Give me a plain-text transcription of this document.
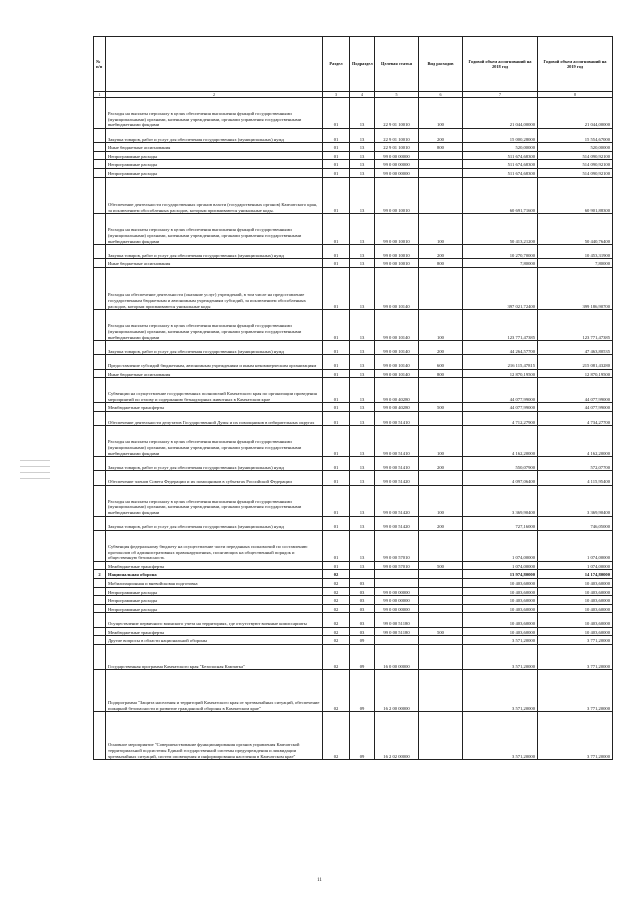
№ п/п		Раздел	Подраздел	Целевая статья	Вид расходов	Годовой объем ассигнований на 2018 год	Годовой объем ассигнований на 2019 год
1	2	3	4	5	6	7	8
	Расходы на выплаты персоналу в целях обеспечения выполнения функций государственными (муниципальными) органами, казенными учреждениями, органами управления государственными внебюджетными фондами	01	13	22 9 01 10010	100	21 044,00000	21 044,00000
	Закупка товаров, работ и услуг для обеспечения государственных (муниципальных) нужд	01	13	22 9 01 10010	200	15 000,28000	15 554,67000
	Иные бюджетные ассигнования	01	13	22 9 01 10010	800	520,00000	520,00000
	Непрограммные расходы	01	13	99 0 00 00000		511 674,68300	514 090,92100
	Непрограммные расходы	01	13	99 0 00 00000		511 674,68300	514 090,92100
	Непрограммные расходы	01	13	99 0 00 00000		511 674,68300	514 090,92100
	Обеспечение деятельности государственных органов власти (государственных органов) Камчатского края, за исключением обособленных расходов, которым присваиваются уникальные коды.	01	13	99 0 00 10010		60 691,71600	60 901,88300
	Расходы на выплаты персоналу в целях обеспечения выполнения функций государственными (муниципальными) органами, казенными учреждениями, органами управления государственными внебюджетными фондами	01	13	99 0 00 10010	100	50 413,21200	50 440,76400
	Закупка товаров, работ и услуг для обеспечения государственных (муниципальных) нужд	01	13	99 0 00 10010	200	10 270,70000	10 453,31900
	Иные бюджетные ассигнования	01	13	99 0 00 10010	800	7,80000	7,80000
	Расходы на обеспечение деятельности (оказание услуг) учреждений, в том числе на предоставление государственным бюджетным и автономным учреждениям субсидий, за исключением обособленных расходов, которым присваиваются уникальные коды	01	13	99 0 00 10140		397 021,72400	399 186,90700
	Расходы на выплаты персоналу в целях обеспечения выполнения функций государственными (муниципальными) органами, казенными учреждениями, органами управления государственными внебюджетными фондами	01	13	99 0 00 10140	100	123 771,47385	123 771,47385
	Закупка товаров, работ и услуг для обеспечения государственных (муниципальных) нужд	01	13	99 0 00 10140	200	44 264,57700	47 463,80535
	Предоставление субсидий бюджетным, автономным учреждениям и иным некоммерческим организациям	01	13	99 0 00 10140	600	216 115,47815	215 081,43280
	Иные бюджетные ассигнования	01	13	99 0 00 10140	800	12 870,19500	12 870,19500
	Субвенции на осуществление государственных полномочий Камчатского края по организации проведения мероприятий по отлову и содержанию безнадзорных животных в Камчатском крае	01	13	99 0 00 40280		44 077,99000	44 077,99000
	Межбюджетные трансферты	01	13	99 0 00 40280	500	44 077,99000	44 077,99000
	Обеспечение деятельности депутатов Государственной Думы и их помощников в избирательных округах	01	13	99 0 00 51410		4 712,27900	4 734,27700
	Расходы на выплаты персоналу в целях обеспечения выполнения функций государственными (муниципальными) органами, казенными учреждениями, органами управления государственными внебюджетными фондами	01	13	99 0 00 51410	100	4 162,20000	4 162,20000
	Закупка товаров, работ и услуг для обеспечения государственных (муниципальных) нужд	01	13	99 0 00 51410	200	550,07900	572,07700
	Обеспечение членов Совета Федерации и их помощников в субъектах Российской Федерации	01	13	99 0 00 51420		4 097,06400	4 115,95400
	Расходы на выплаты персоналу в целях обеспечения выполнения функций государственными (муниципальными) органами, казенными учреждениями, органами управления государственными внебюджетными фондами	01	13	99 0 00 51420	100	3 369,90400	3 369,90400
	Закупка товаров, работ и услуг для обеспечения государственных (муниципальных) нужд	01	13	99 0 00 51420	200	727,16000	746,05000
	Субвенция федеральному бюджету на осуществление части переданных полномочий по составлению протоколов об административных правонарушениях, посягающих на общественный порядок и общественную безопасность	01	13	99 0 00 57010		1 074,00000	1 074,00000
	Межбюджетные трансферты	01	13	99 0 00 57010	500	1 074,00000	1 074,00000
2	Национальная оборона	02				13 974,80000	14 174,80000
	Мобилизационная и вневойсковая подготовка	02	03			10 403,60000	10 403,60000
	Непрограммные расходы	02	03	99 0 00 00000		10 403,60000	10 403,60000
	Непрограммные расходы	02	03	99 0 00 00000		10 403,60000	10 403,60000
	Непрограммные расходы	02	03	99 0 00 00000		10 403,60000	10 403,60000
	Осуществление первичного воинского учета на территориях, где отсутствуют военные комиссариаты	02	03	99 0 00 51180		10 403,60000	10 403,60000
	Межбюджетные трансферты	02	03	99 0 00 51180	500	10 403,60000	10 403,60000
	Другие вопросы в области национальной обороны	02	09			3 571,20000	3 771,20000
	Государственная программа Камчатского края "Безопасная Камчатка"	02	09	16 0 00 00000		3 571,20000	3 771,20000
	Подпрограмма "Защита населения и территорий Камчатского края от чрезвычайных ситуаций, обеспечение пожарной безопасности и развитие гражданской обороны в Камчатском крае"	02	09	16 2 00 00000		3 571,20000	3 771,20000
	Основное мероприятие "Совершенствование функционирования органов управления Камчатской территориальной подсистемы Единой государственной системы предупреждения и ликвидации чрезвычайных ситуаций, систем оповещения и информирования населения в Камчатском крае"	02	09	16 2 02 00000		3 571,20000	3 771,20000
11
